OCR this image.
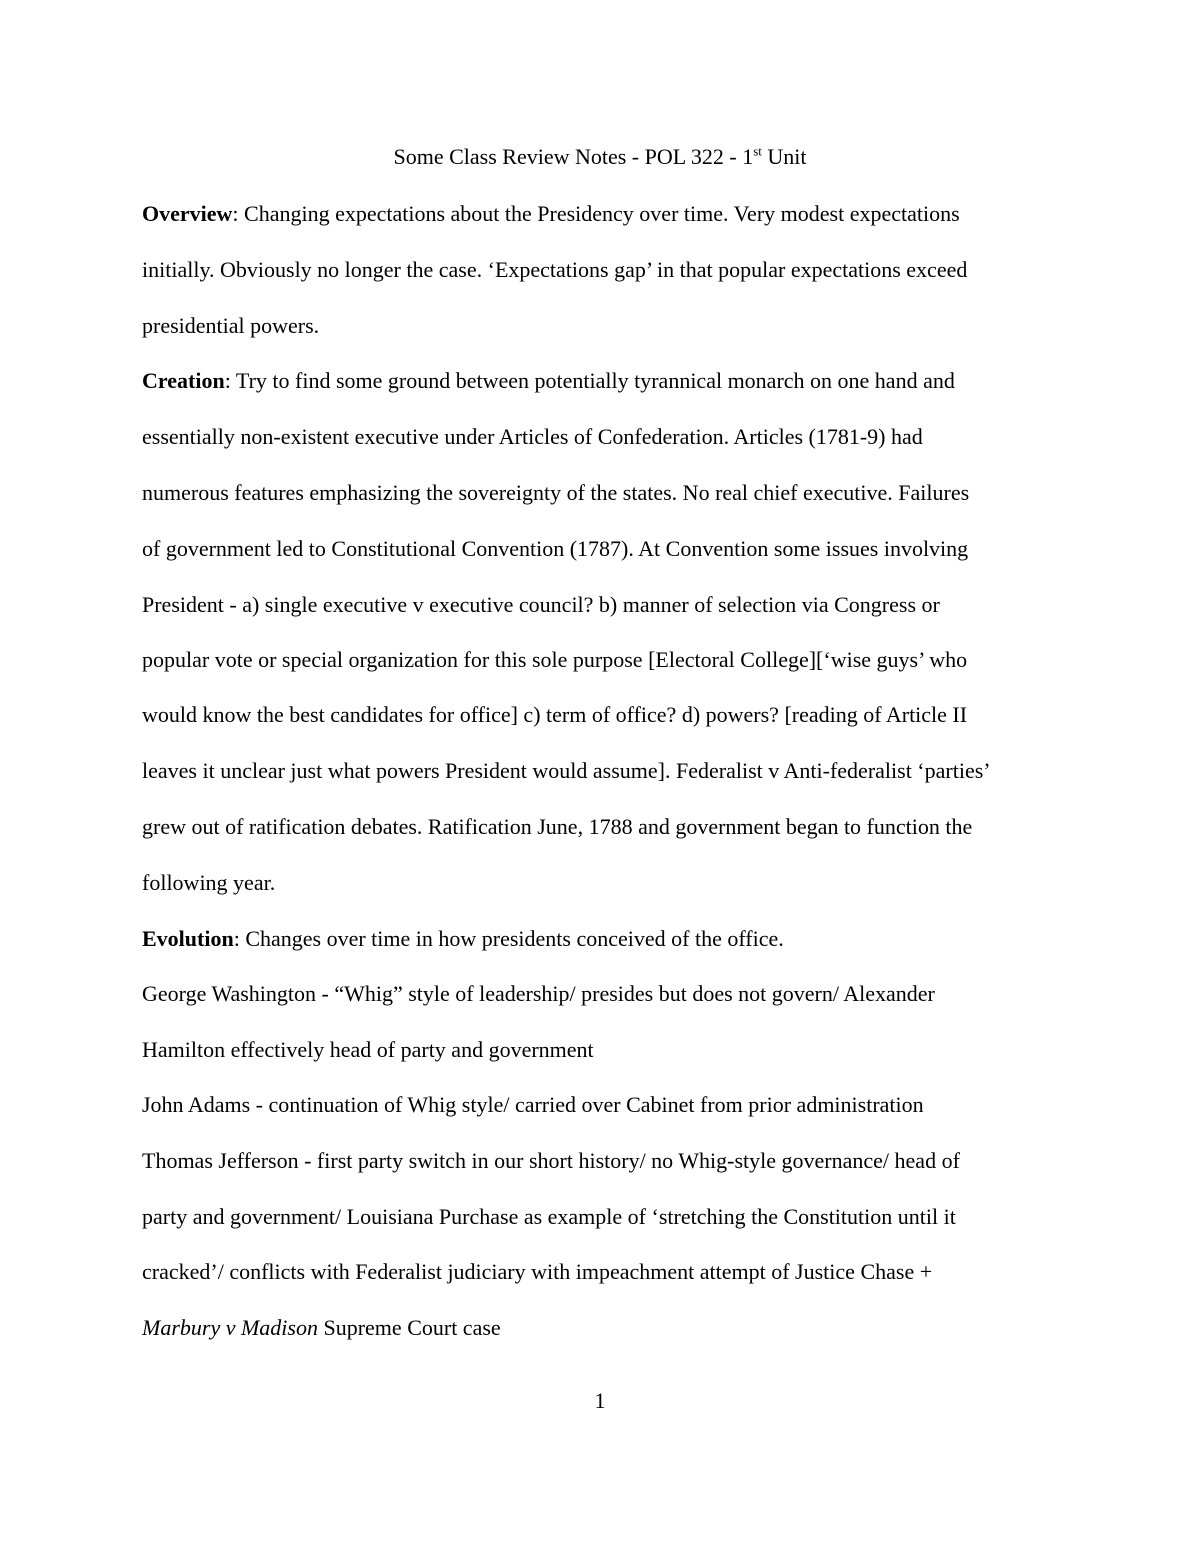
Some Class Review Notes - POL 322 - 1st Unit
Overview: Changing expectations about the Presidency over time. Very modest expectations
initially. Obviously no longer the case. ‘Expectations gap’ in that popular expectations exceed
presidential powers.
Creation: Try to find some ground between potentially tyrannical monarch on one hand and
essentially non-existent executive under Articles of Confederation. Articles (1781-9) had
numerous features emphasizing the sovereignty of the states. No real chief executive. Failures
of government led to Constitutional Convention (1787). At Convention some issues involving
President - a) single executive v executive council? b) manner of selection via Congress or
popular vote or special organization for this sole purpose [Electoral College][‘wise guys’ who
would know the best candidates for office] c) term of office? d) powers? [reading of Article II
leaves it unclear just what powers President would assume]. Federalist v Anti-federalist ‘parties’
grew out of ratification debates. Ratification June, 1788 and government began to function the
following year.
Evolution: Changes over time in how presidents conceived of the office.
George Washington - “Whig” style of leadership/ presides but does not govern/ Alexander
Hamilton effectively head of party and government
John Adams - continuation of Whig style/ carried over Cabinet from prior administration
Thomas Jefferson - first party switch in our short history/ no Whig-style governance/ head of
party and government/ Louisiana Purchase as example of ‘stretching the Constitution until it
cracked’/ conflicts with Federalist judiciary with impeachment attempt of Justice Chase +
Marbury v Madison Supreme Court case
1
